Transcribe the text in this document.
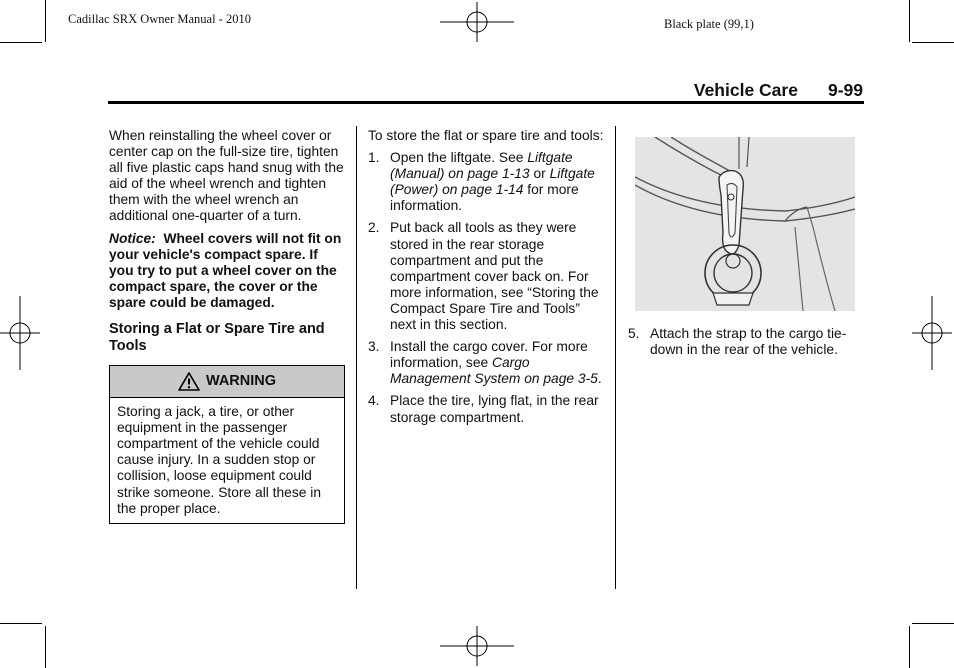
Cadillac SRX Owner Manual - 2010	Black plate (99,1)
Vehicle Care 9-99

When reinstalling the wheel cover or center cap on the full-size tire, tighten all five plastic caps hand snug with the aid of the wheel wrench and tighten them with the wheel wrench an additional one-quarter of a turn.

Notice: Wheel covers will not fit on your vehicle's compact spare. If you try to put a wheel cover on the compact spare, the cover or the spare could be damaged.

Storing a Flat or Spare Tire and Tools

WARNING
Storing a jack, a tire, or other equipment in the passenger compartment of the vehicle could cause injury. In a sudden stop or collision, loose equipment could strike someone. Store all these in the proper place.

To store the flat or spare tire and tools:

1. Open the liftgate. See Liftgate (Manual) on page 1-13 or Liftgate (Power) on page 1-14 for more information.
2. Put back all tools as they were stored in the rear storage compartment and put the compartment cover back on. For more information, see “Storing the Compact Spare Tire and Tools” next in this section.
3. Install the cargo cover. For more information, see Cargo Management System on page 3-5.
4. Place the tire, lying flat, in the rear storage compartment.
5. Attach the strap to the cargo tie-down in the rear of the vehicle.
